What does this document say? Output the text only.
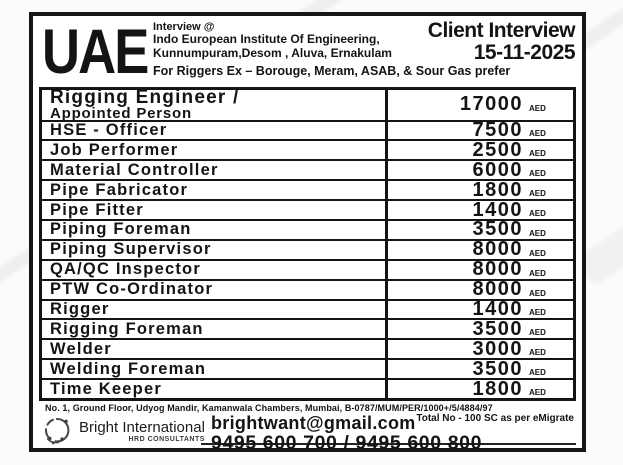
UAE Interview @
Indo European Institute Of Engineering,
Kunnumpuram,Desom , Aluva, Ernakulam
For Riggers Ex – Borouge, Meram, ASAB, & Sour Gas prefer
Client Interview
15-11-2025
Rigging Engineer /
Appointed Person	17000 AED
HSE - Officer	7500 AED
Job Performer	2500 AED
Material Controller	6000 AED
Pipe Fabricator	1800 AED
Pipe Fitter	1400 AED
Piping Foreman	3500 AED
Piping Supervisor	8000 AED
QA/QC Inspector	8000 AED
PTW Co-Ordinator	8000 AED
Rigger	1400 AED
Rigging Foreman	3500 AED
Welder	3000 AED
Welding Foreman	3500 AED
Time Keeper	1800 AED
No. 1, Ground Floor, Udyog Mandir, Kamanwala Chambers, Mumbai, B-0787/MUM/PER/1000+/5/4884/97
Bright International
HRD CONSULTANTS
brightwant@gmail.com Total No - 100 SC as per eMigrate
9495 600 700 / 9495 600 800
